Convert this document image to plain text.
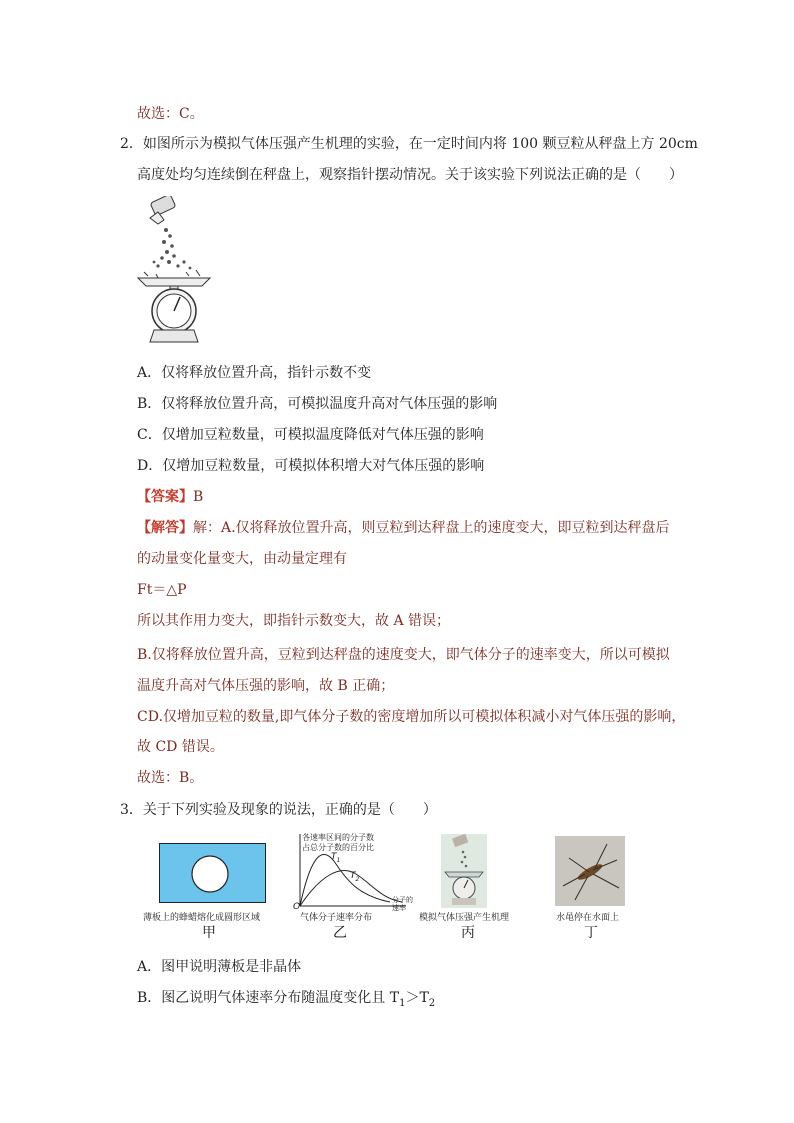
故选：C。
2．如图所示为模拟气体压强产生机理的实验，在一定时间内将 100 颗豆粒从秤盘上方 20cm
高度处均匀连续倒在秤盘上，观察指针摆动情况。关于该实验下列说法正确的是（　　）
A．仅将释放位置升高，指针示数不变
B．仅将释放位置升高，可模拟温度升高对气体压强的影响
C．仅增加豆粒数量，可模拟温度降低对气体压强的影响
D．仅增加豆粒数量，可模拟体积增大对气体压强的影响
【答案】B
【解答】解：A.仅将释放位置升高，则豆粒到达秤盘上的速度变大，即豆粒到达秤盘后
的动量变化量变大，由动量定理有
Ft＝△P
所以其作用力变大，即指针示数变大，故 A 错误；
B.仅将释放位置升高，豆粒到达秤盘的速度变大，即气体分子的速率变大，所以可模拟
温度升高对气体压强的影响，故 B 正确；
CD.仅增加豆粒的数量,即气体分子数的密度增加所以可模拟体积减小对气体压强的影响，
故 CD 错误。
故选：B。
3．关于下列实验及现象的说法，正确的是（　　）
薄板上的蜂蜡熔化成圆形区域
甲
各速率区间的分子数
占总分子数的百分比
$T_1$
$T_2$
O
分子的
速率
气体分子速率分布
乙
模拟气体压强产生机理
丙
水黾停在水面上
丁
A．图甲说明薄板是非晶体
B．图乙说明气体速率分布随温度变化且 $T_1>T_2$
